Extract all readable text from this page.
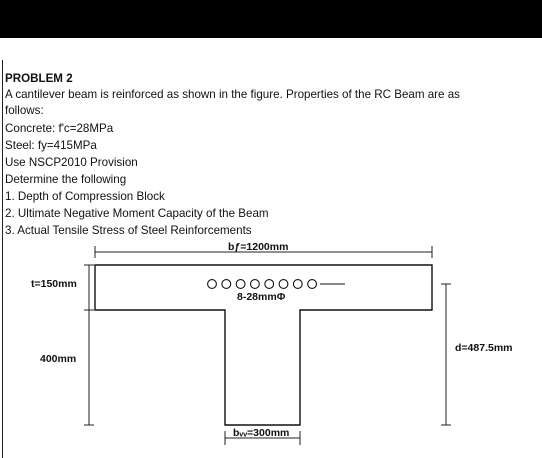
PROBLEM 2
A cantilever beam is reinforced as shown in the figure. Properties of the RC Beam are as
follows:
Concrete: f'c=28MPa
Steel: fy=415MPa
Use NSCP2010 Provision
Determine the following
1. Depth of Compression Block
2. Ultimate Negative Moment Capacity of the Beam
3. Actual Tensile Stress of Steel Reinforcements
bƒ=1200mm
8-28mmΦ
t=150mm
400mm
d=487.5mm
bᵥᵥ=300mm
